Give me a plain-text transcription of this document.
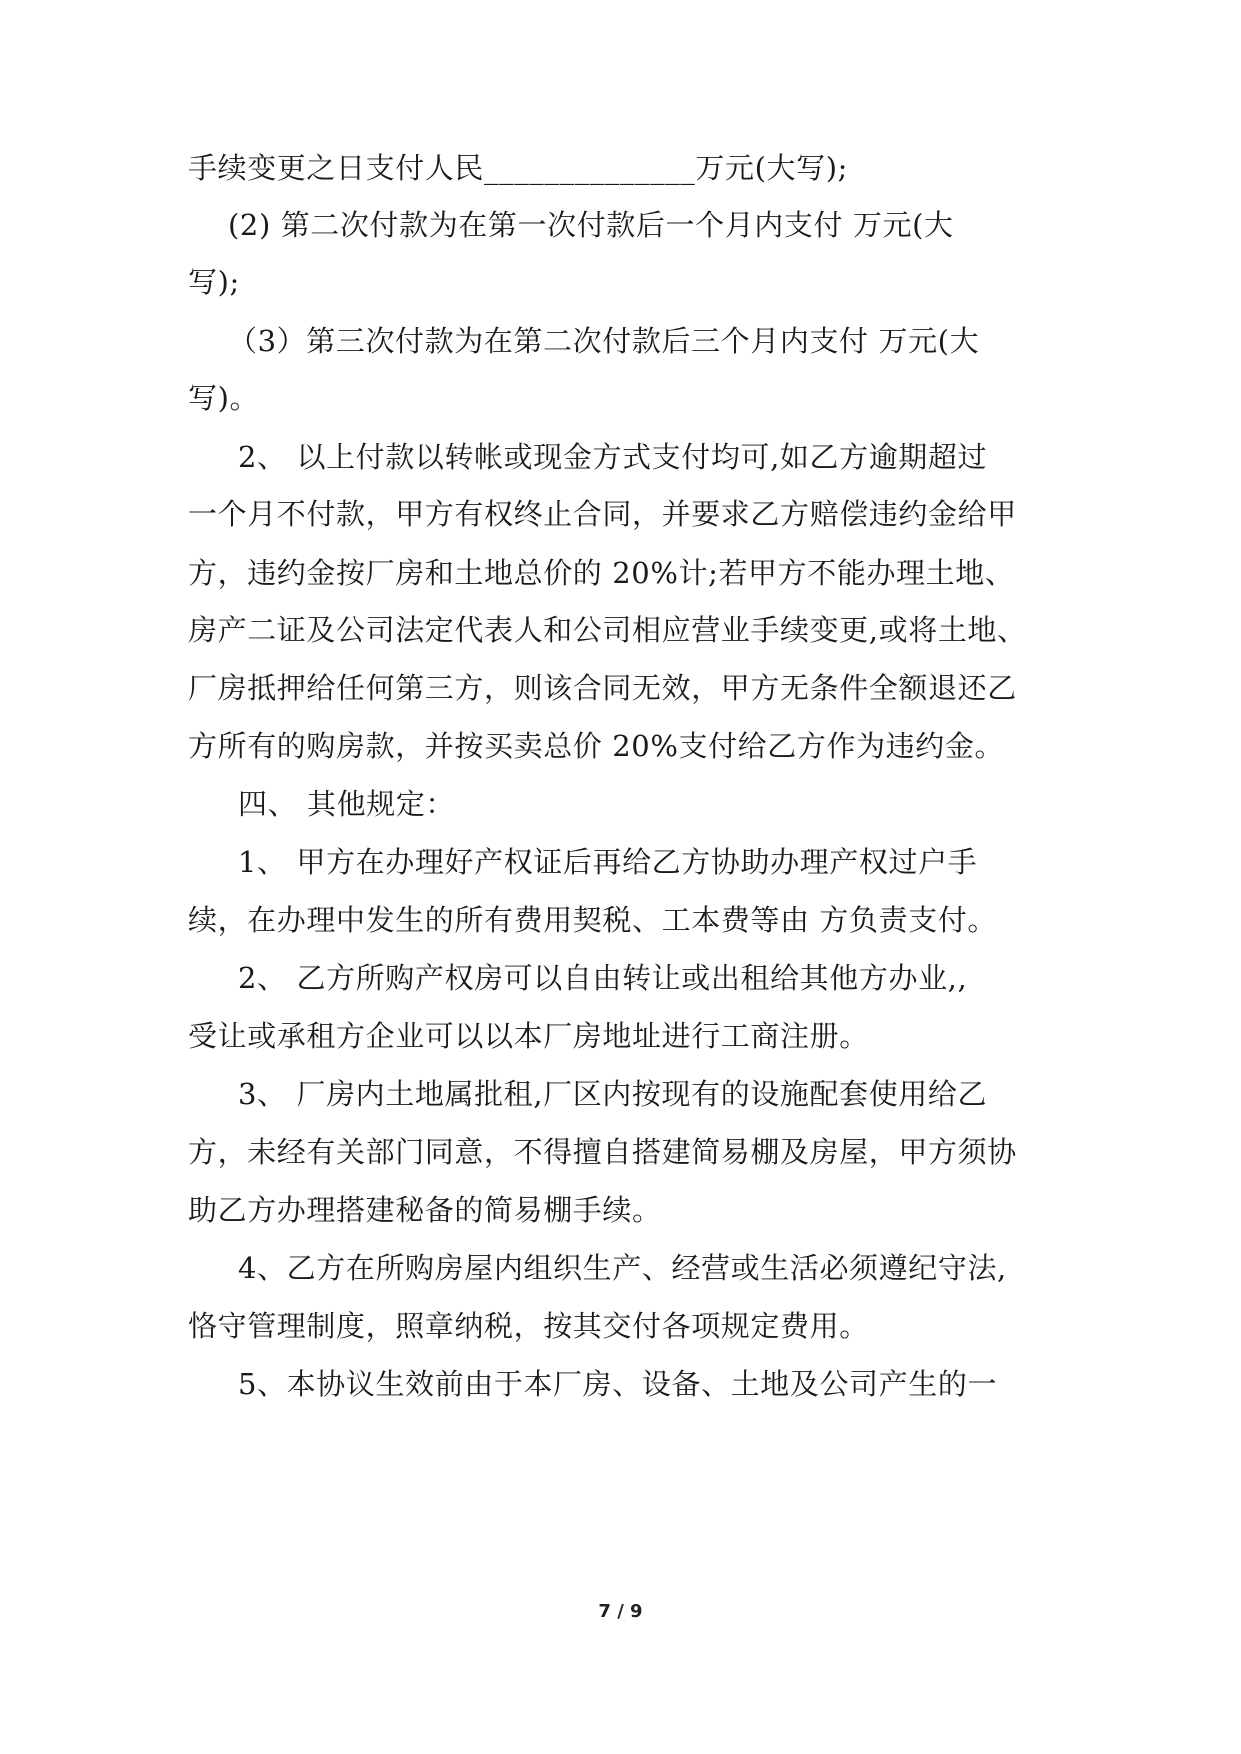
手续变更之日支付人民______________万元(大写);

(2) 第二次付款为在第一次付款后一个月内支付 万元(大

写);

（3）第三次付款为在第二次付款后三个月内支付 万元(大

写)。

2、 以上付款以转帐或现金方式支付均可,如乙方逾期超过

一个月不付款，甲方有权终止合同，并要求乙方赔偿违约金给甲

方，违约金按厂房和土地总价的 20%计;若甲方不能办理土地、

房产二证及公司法定代表人和公司相应营业手续变更,或将土地、

厂房抵押给任何第三方，则该合同无效，甲方无条件全额退还乙

方所有的购房款，并按买卖总价 20%支付给乙方作为违约金。

四、 其他规定：

1、 甲方在办理好产权证后再给乙方协助办理产权过户手

续，在办理中发生的所有费用契税、工本费等由 方负责支付。

2、 乙方所购产权房可以自由转让或出租给其他方办业,,

受让或承租方企业可以以本厂房地址进行工商注册。

3、 厂房内土地属批租,厂区内按现有的设施配套使用给乙

方，未经有关部门同意，不得擅自搭建简易棚及房屋，甲方须协

助乙方办理搭建秘备的简易棚手续。

4、乙方在所购房屋内组织生产、经营或生活必须遵纪守法,

恪守管理制度，照章纳税，按其交付各项规定费用。

5、本协议生效前由于本厂房、设备、土地及公司产生的一

7 / 9
